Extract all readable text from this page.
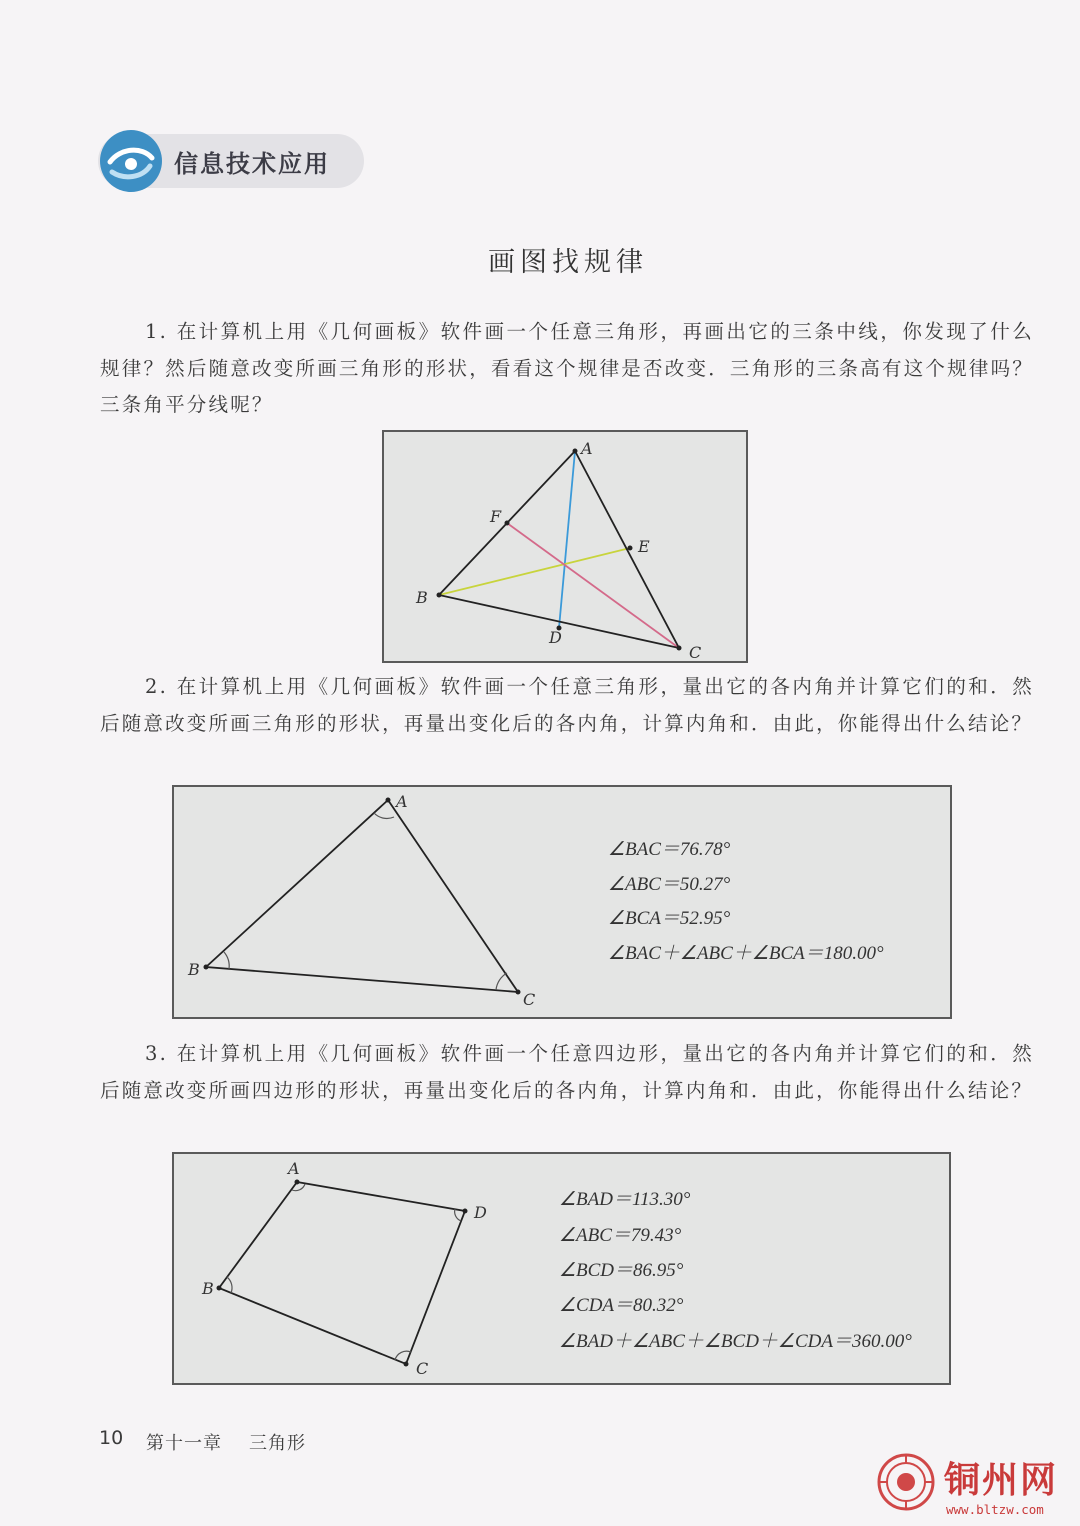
信息技术应用
画图找规律
1. 在计算机上用《几何画板》软件画一个任意三角形，再画出它的三条中线，你发现了什么规律？然后随意改变所画三角形的形状，看看这个规律是否改变．三角形的三条高有这个规律吗？三条角平分线呢？
A
B
C
D
E
F
2. 在计算机上用《几何画板》软件画一个任意三角形，量出它的各内角并计算它们的和．然后随意改变所画三角形的形状，再量出变化后的各内角，计算内角和．由此，你能得出什么结论？
A
B
C
∠BAC＝76.78°
∠ABC＝50.27°
∠BCA＝52.95°
∠BAC＋∠ABC＋∠BCA＝180.00°
3. 在计算机上用《几何画板》软件画一个任意四边形，量出它的各内角并计算它们的和．然后随意改变所画四边形的形状，再量出变化后的各内角，计算内角和．由此，你能得出什么结论？
A
B
C
D
∠BAD＝113.30°
∠ABC＝79.43°
∠BCD＝86.95°
∠CDA＝80.32°
∠BAD＋∠ABC＋∠BCD＋∠CDA＝360.00°
10 第十一章 三角形
铜州网
www.bltzw.com
